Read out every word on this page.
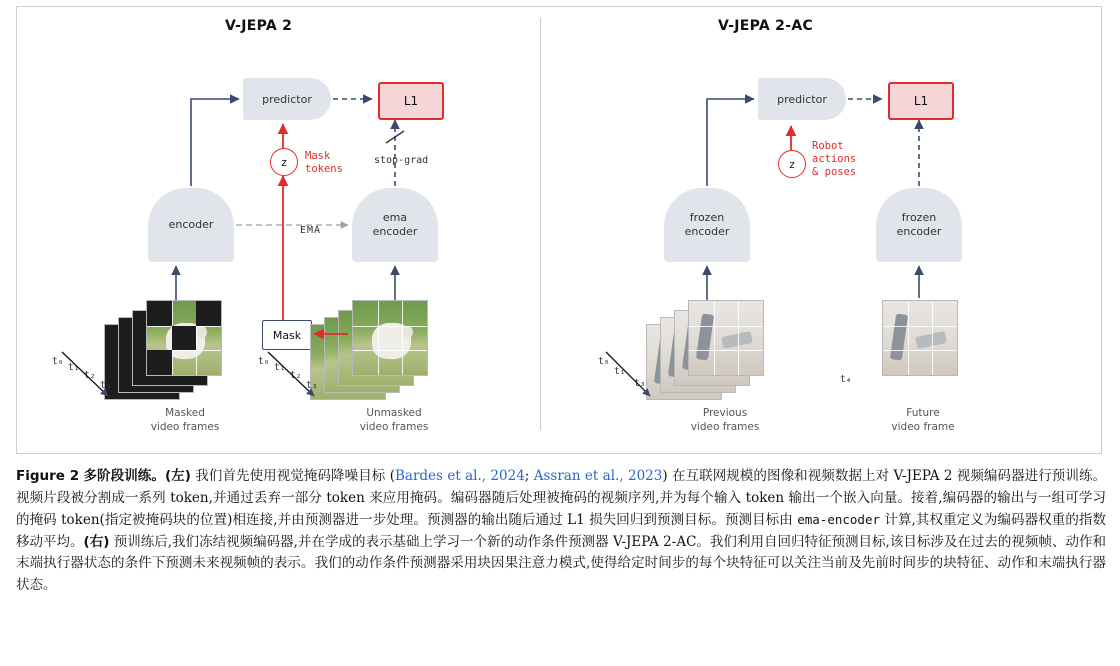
V-JEPA 2	V-JEPA 2-AC
predictor	L1
encoder
ema
encoder
EMA
stop-grad
z	Mask
tokens
Mask
t₀
t₁
t₂
t₃
t₀
t₁
t₂
t₃
Masked
video frames
Unmasked
video frames
predictor	L1
frozen
encoder
frozen
encoder
z
Robot
actions
& poses
t₀
t₁
t₃	t₄
Previous
video frames
Future
video frame
Figure 2 多阶段训练。(左) 我们首先使用视觉掩码降噪目标 (Bardes et al., 2024; Assran et al., 2023) 在互联网规模的图像和视频数据上对 V-JEPA 2 视频编码器进行预训练。视频片段被分割成一系列 token,并通过丢弃一部分 token 来应用掩码。编码器随后处理被掩码的视频序列,并为每个输入 token 输出一个嵌入向量。接着,编码器的输出与一组可学习的掩码 token(指定被掩码块的位置)相连接,并由预测器进一步处理。预测器的输出随后通过 L1 损失回归到预测目标。预测目标由 ema-encoder 计算,其权重定义为编码器权重的指数移动平均。(右) 预训练后,我们冻结视频编码器,并在学成的表示基础上学习一个新的动作条件预测器 V-JEPA 2-AC。我们利用自回归特征预测目标,该目标涉及在过去的视频帧、动作和末端执行器状态的条件下预测未来视频帧的表示。我们的动作条件预测器采用块因果注意力模式,使得给定时间步的每个块特征可以关注当前及先前时间步的块特征、动作和末端执行器状态。
